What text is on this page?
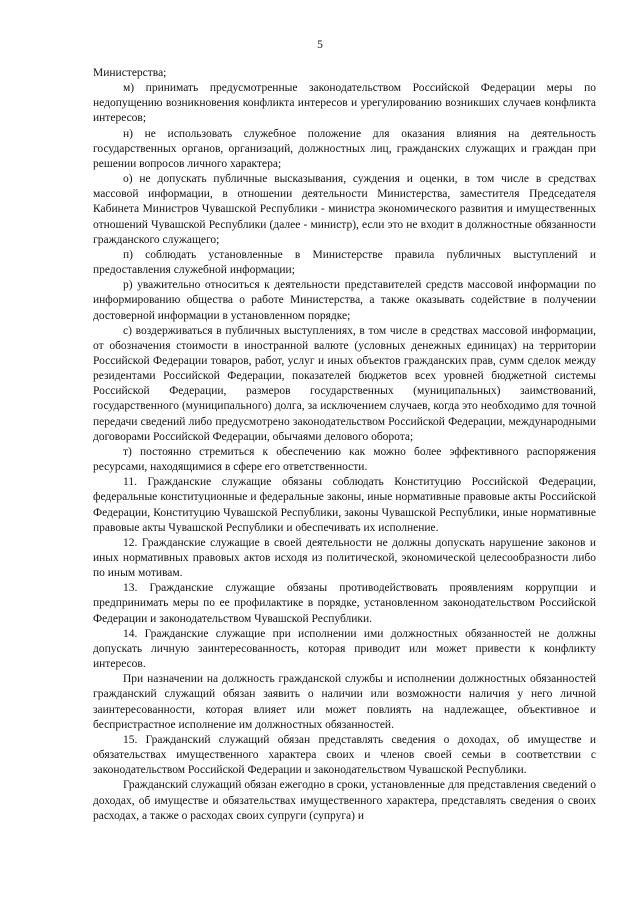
5

Министерства;

м) принимать предусмотренные законодательством Российской Федерации меры по недопущению возникновения конфликта интересов и урегулированию возникших случаев конфликта интересов;

н) не использовать служебное положение для оказания влияния на деятельность государственных органов, организаций, должностных лиц, гражданских служащих и граждан при решении вопросов личного характера;

о) не допускать публичные высказывания, суждения и оценки, в том числе в средствах массовой информации, в отношении деятельности Министерства, заместителя Председателя Кабинета Министров Чувашской Республики - министра экономического развития и имущественных отношений Чувашской Республики (далее - министр), если это не входит в должностные обязанности гражданского служащего;

п) соблюдать установленные в Министерстве правила публичных выступлений и предоставления служебной информации;

р) уважительно относиться к деятельности представителей средств массовой информации по информированию общества о работе Министерства, а также оказывать содействие в получении достоверной информации в установленном порядке;

с) воздерживаться в публичных выступлениях, в том числе в средствах массовой информации, от обозначения стоимости в иностранной валюте (условных денежных единицах) на территории Российской Федерации товаров, работ, услуг и иных объектов гражданских прав, сумм сделок между резидентами Российской Федерации, показателей бюджетов всех уровней бюджетной системы Российской Федерации, размеров государственных (муниципальных) заимствований, государственного (муниципального) долга, за исключением случаев, когда это необходимо для точной передачи сведений либо предусмотрено законодательством Российской Федерации, международными договорами Российской Федерации, обычаями делового оборота;

т) постоянно стремиться к обеспечению как можно более эффективного распоряжения ресурсами, находящимися в сфере его ответственности.

11. Гражданские служащие обязаны соблюдать Конституцию Российской Федерации, федеральные конституционные и федеральные законы, иные нормативные правовые акты Российской Федерации, Конституцию Чувашской Республики, законы Чувашской Республики, иные нормативные правовые акты Чувашской Республики и обеспечивать их исполнение.

12. Гражданские служащие в своей деятельности не должны допускать нарушение законов и иных нормативных правовых актов исходя из политической, экономической целесообразности либо по иным мотивам.

13. Гражданские служащие обязаны противодействовать проявлениям коррупции и предпринимать меры по ее профилактике в порядке, установленном законодательством Российской Федерации и законодательством Чувашской Республики.

14. Гражданские служащие при исполнении ими должностных обязанностей не должны допускать личную заинтересованность, которая приводит или может привести к конфликту интересов.

При назначении на должность гражданской службы и исполнении должностных обязанностей гражданский служащий обязан заявить о наличии или возможности наличия у него личной заинтересованности, которая влияет или может повлиять на надлежащее, объективное и беспристрастное исполнение им должностных обязанностей.

15. Гражданский служащий обязан представлять сведения о доходах, об имуществе и обязательствах имущественного характера своих и членов своей семьи в соответствии с законодательством Российской Федерации и законодательством Чувашской Республики.

Гражданский служащий обязан ежегодно в сроки, установленные для представления сведений о доходах, об имуществе и обязательствах имущественного характера, представлять сведения о своих расходах, а также о расходах своих супруги (супруга) и
